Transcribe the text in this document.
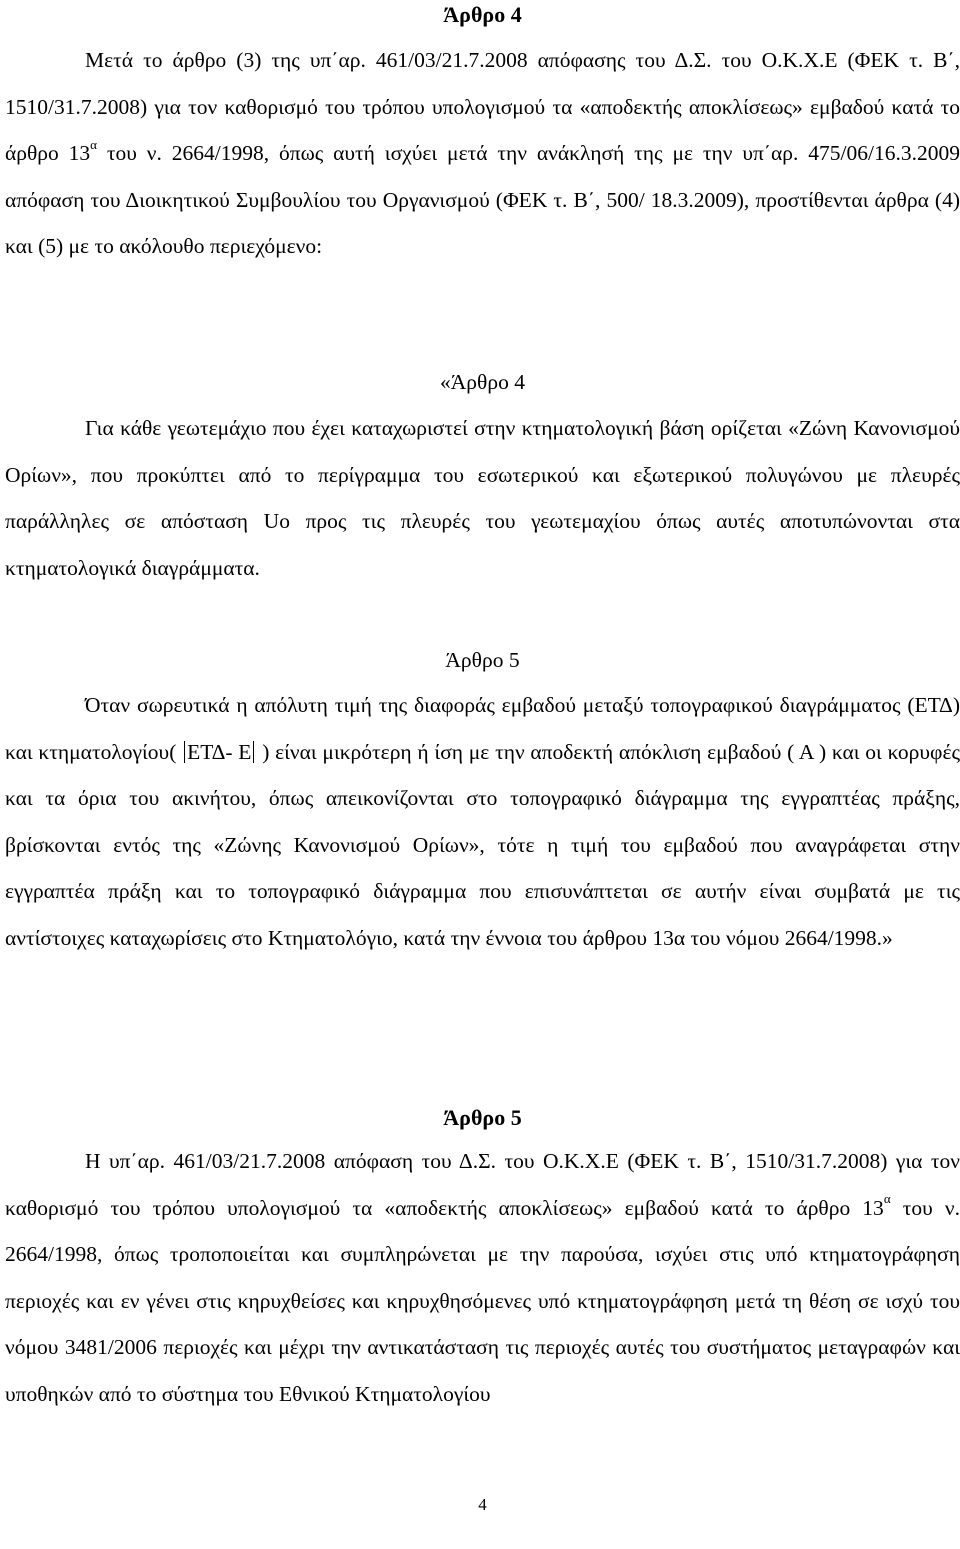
Άρθρο 4

Μετά το άρθρο (3) της υπ΄αρ. 461/03/21.7.2008 απόφασης του Δ.Σ. του Ο.Κ.Χ.Ε (ΦΕΚ τ. Β΄, 1510/31.7.2008) για τον καθορισμό του τρόπου υπολογισμού τα «αποδεκτής αποκλίσεως» εμβαδού κατά το άρθρο $13^\alpha$ του ν. 2664/1998, όπως αυτή ισχύει μετά την ανάκλησή της με την υπ΄αρ. 475/06/16.3.2009 απόφαση του Διοικητικού Συμβουλίου του Οργανισμού (ΦΕΚ τ. Β΄, 500/ 18.3.2009), προστίθενται άρθρα (4) και (5) με το ακόλουθο περιεχόμενο:

«Άρθρο 4

Για κάθε γεωτεμάχιο που έχει καταχωριστεί στην κτηματολογική βάση ορίζεται «Ζώνη Κανονισμού Ορίων», που προκύπτει από το περίγραμμα του εσωτερικού και εξωτερικού πολυγώνου με πλευρές παράλληλες σε απόσταση Uo προς τις πλευρές του γεωτεμαχίου όπως αυτές αποτυπώνονται στα κτηματολογικά διαγράμματα.

Άρθρο 5

Όταν σωρευτικά η απόλυτη τιμή της διαφοράς εμβαδού μεταξύ τοπογραφικού διαγράμματος (ΕΤΔ) και κτηματολογίου( ΕΤΔ- Ε ) είναι μικρότερη ή ίση με την αποδεκτή απόκλιση εμβαδού ( Α ) και οι κορυφές και τα όρια του ακινήτου, όπως απεικονίζονται στο τοπογραφικό διάγραμμα της εγγραπτέας πράξης, βρίσκονται εντός της «Ζώνης Κανονισμού Ορίων», τότε η τιμή του εμβαδού που αναγράφεται στην εγγραπτέα πράξη και το τοπογραφικό διάγραμμα που επισυνάπτεται σε αυτήν είναι συμβατά με τις αντίστοιχες καταχωρίσεις στο Κτηματολόγιο, κατά την έννοια του άρθρου 13α του νόμου 2664/1998.»

Άρθρο 5

Η υπ΄αρ. 461/03/21.7.2008 απόφαση του Δ.Σ. του Ο.Κ.Χ.Ε (ΦΕΚ τ. Β΄, 1510/31.7.2008) για τον καθορισμό του τρόπου υπολογισμού τα «αποδεκτής αποκλίσεως» εμβαδού κατά το άρθρο $13^\alpha$ του ν. 2664/1998, όπως τροποποιείται και συμπληρώνεται με την παρούσα, ισχύει στις υπό κτηματογράφηση περιοχές και εν γένει στις κηρυχθείσες και κηρυχθησόμενες υπό κτηματογράφηση μετά τη θέση σε ισχύ του νόμου 3481/2006 περιοχές και μέχρι την αντικατάσταση τις περιοχές αυτές του συστήματος μεταγραφών και υποθηκών από το σύστημα του Εθνικού Κτηματολογίου

4
